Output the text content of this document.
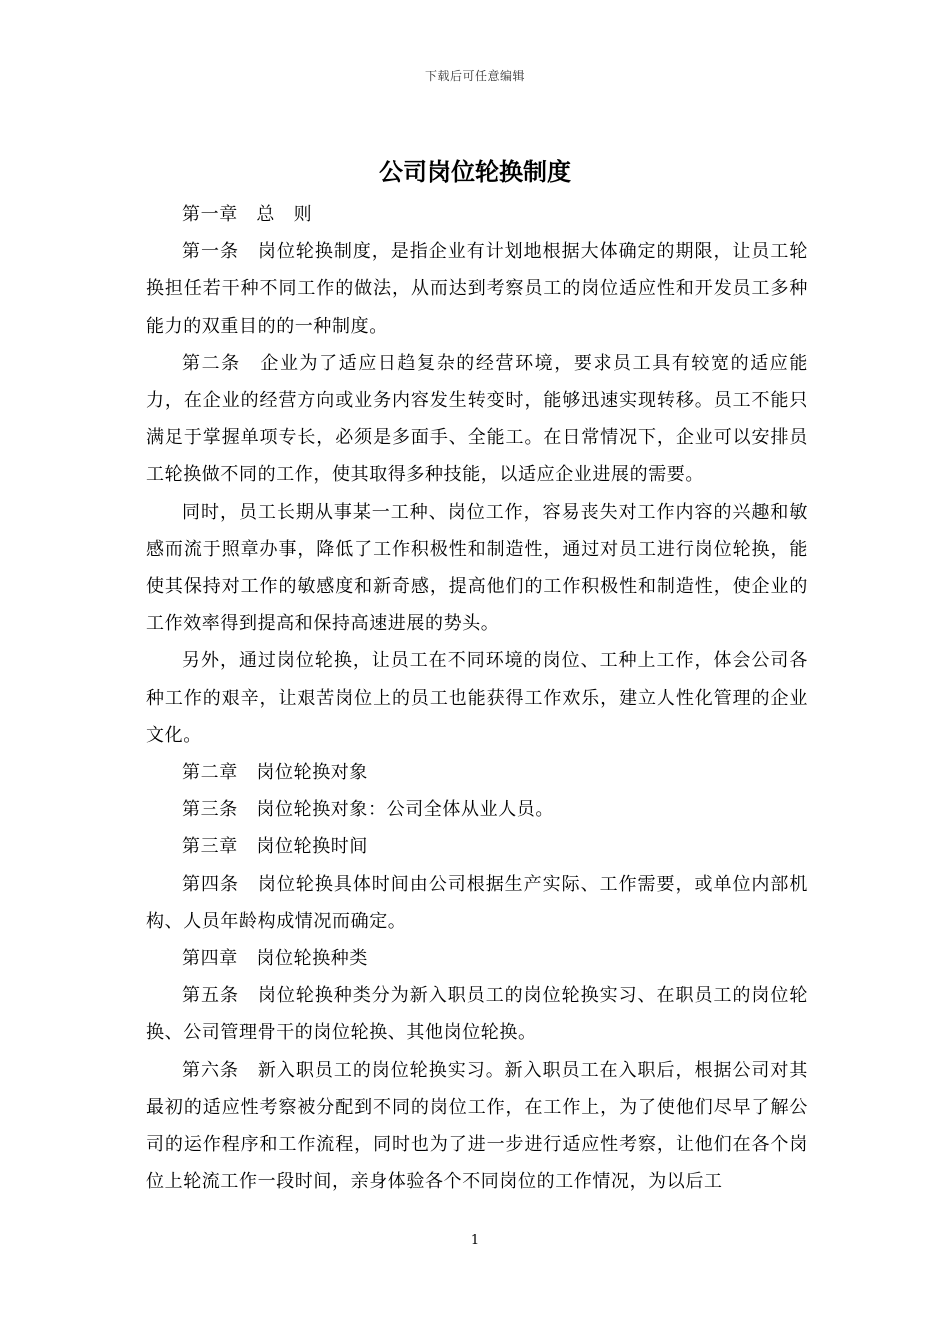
下载后可任意编辑
公司岗位轮换制度

第一章　总　则

第一条　岗位轮换制度，是指企业有计划地根据大体确定的期限，让员工轮换担任若干种不同工作的做法，从而达到考察员工的岗位适应性和开发员工多种能力的双重目的的一种制度。

第二条　企业为了适应日趋复杂的经营环境，要求员工具有较宽的适应能力，在企业的经营方向或业务内容发生转变时，能够迅速实现转移。员工不能只满足于掌握单项专长，必须是多面手、全能工。在日常情况下，企业可以安排员工轮换做不同的工作，使其取得多种技能，以适应企业进展的需要。

同时，员工长期从事某一工种、岗位工作，容易丧失对工作内容的兴趣和敏感而流于照章办事，降低了工作积极性和制造性，通过对员工进行岗位轮换，能使其保持对工作的敏感度和新奇感，提高他们的工作积极性和制造性，使企业的工作效率得到提高和保持高速进展的势头。

另外，通过岗位轮换，让员工在不同环境的岗位、工种上工作，体会公司各种工作的艰辛，让艰苦岗位上的员工也能获得工作欢乐，建立人性化管理的企业文化。

第二章　岗位轮换对象

第三条　岗位轮换对象：公司全体从业人员。

第三章　岗位轮换时间

第四条　岗位轮换具体时间由公司根据生产实际、工作需要，或单位内部机构、人员年龄构成情况而确定。

第四章　岗位轮换种类

第五条　岗位轮换种类分为新入职员工的岗位轮换实习、在职员工的岗位轮换、公司管理骨干的岗位轮换、其他岗位轮换。

第六条　新入职员工的岗位轮换实习。新入职员工在入职后，根据公司对其最初的适应性考察被分配到不同的岗位工作，在工作上，为了使他们尽早了解公司的运作程序和工作流程，同时也为了进一步进行适应性考察，让他们在各个岗位上轮流工作一段时间，亲身体验各个不同岗位的工作情况，为以后工

1
